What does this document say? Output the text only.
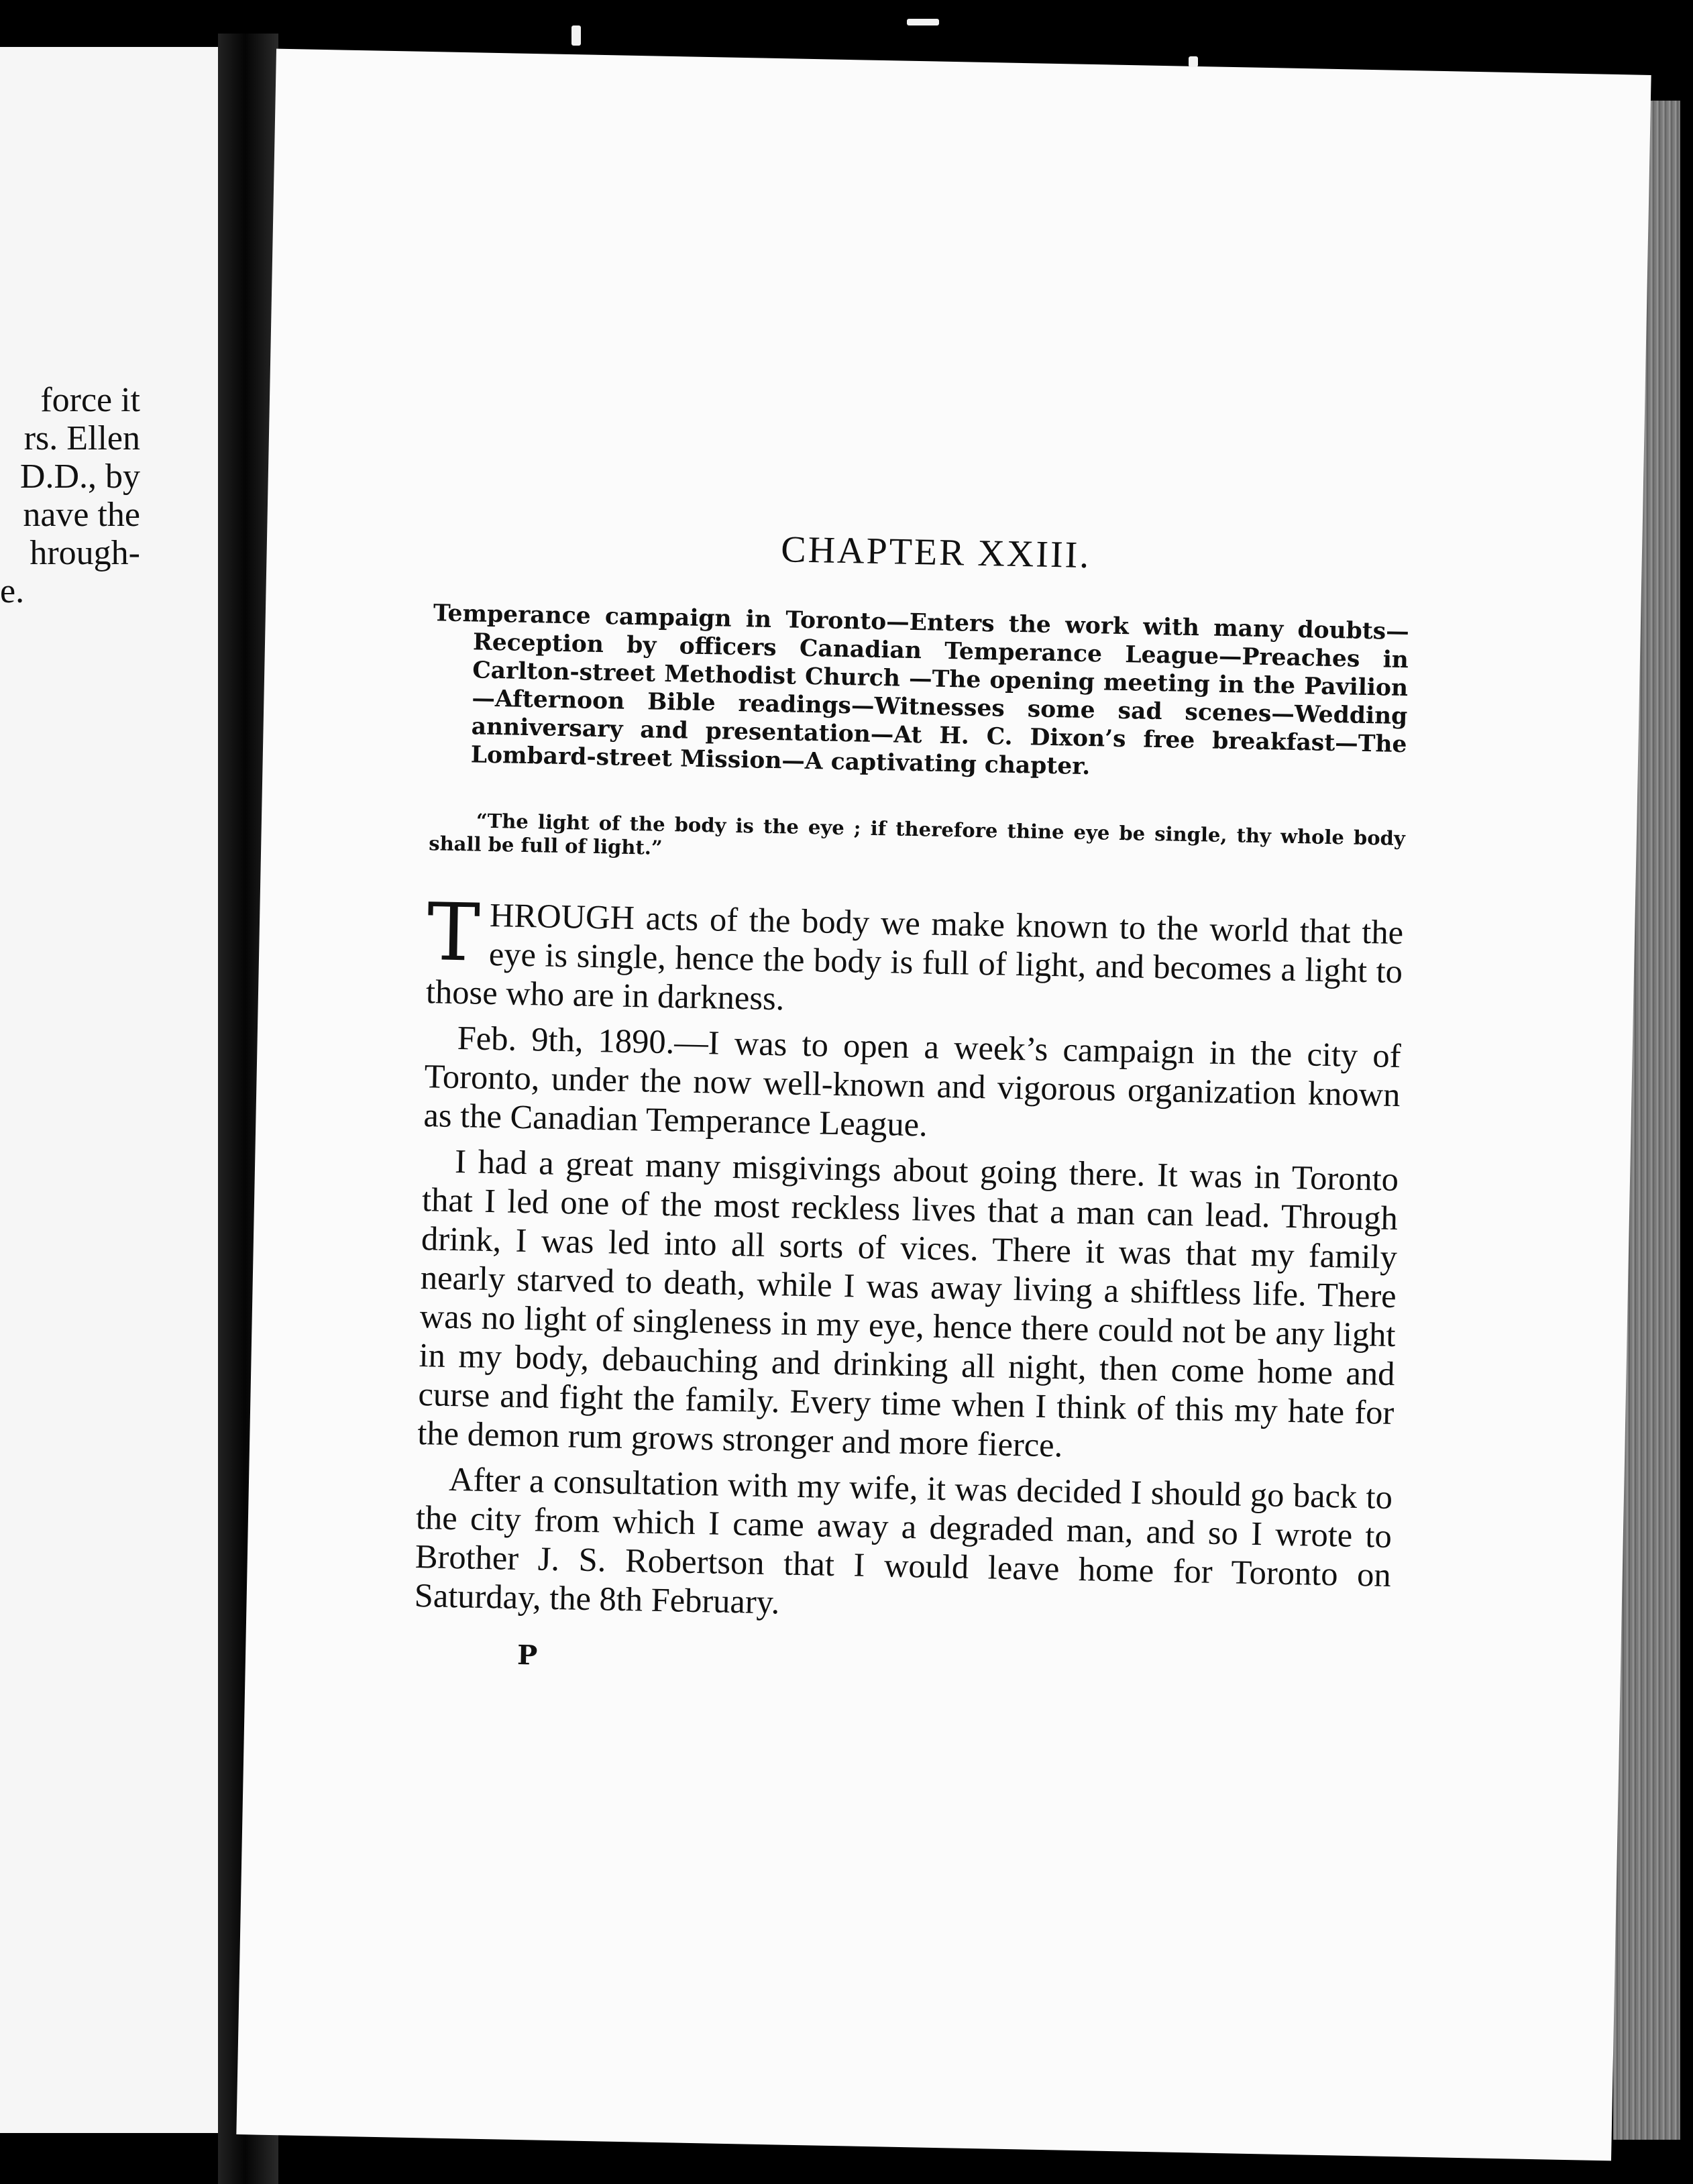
force it
rs. Ellen
D.D., by
nave the
hrough-
e.
CHAPTER XXIII.

Temperance campaign in Toronto—Enters the work with many doubts—Reception by officers Canadian Temperance League—Preaches in Carlton-street Methodist Church —The opening meeting in the Pavilion—Afternoon Bible readings—Witnesses some sad scenes—Wedding anniversary and presentation—At H. C. Dixon’s free breakfast—The Lombard-street Mission—A captivating chapter.

“The light of the body is the eye ; if therefore thine eye be single, thy whole body shall be full of light.”

THROUGH acts of the body we make known to the world that the eye is single, hence the body is full of light, and becomes a light to those who are in darkness.

Feb. 9th, 1890.—I was to open a week’s campaign in the city of Toronto, under the now well-known and vigorous organization known as the Canadian Temperance League.

I had a great many misgivings about going there. It was in Toronto that I led one of the most reckless lives that a man can lead. Through drink, I was led into all sorts of vices. There it was that my family nearly starved to death, while I was away living a shiftless life. There was no light of singleness in my eye, hence there could not be any light in my body, debauching and drinking all night, then come home and curse and fight the family. Every time when I think of this my hate for the demon rum grows stronger and more fierce.

After a consultation with my wife, it was decided I should go back to the city from which I came away a degraded man, and so I wrote to Brother J. S. Robertson that I would leave home for Toronto on Saturday, the 8th February.

P
